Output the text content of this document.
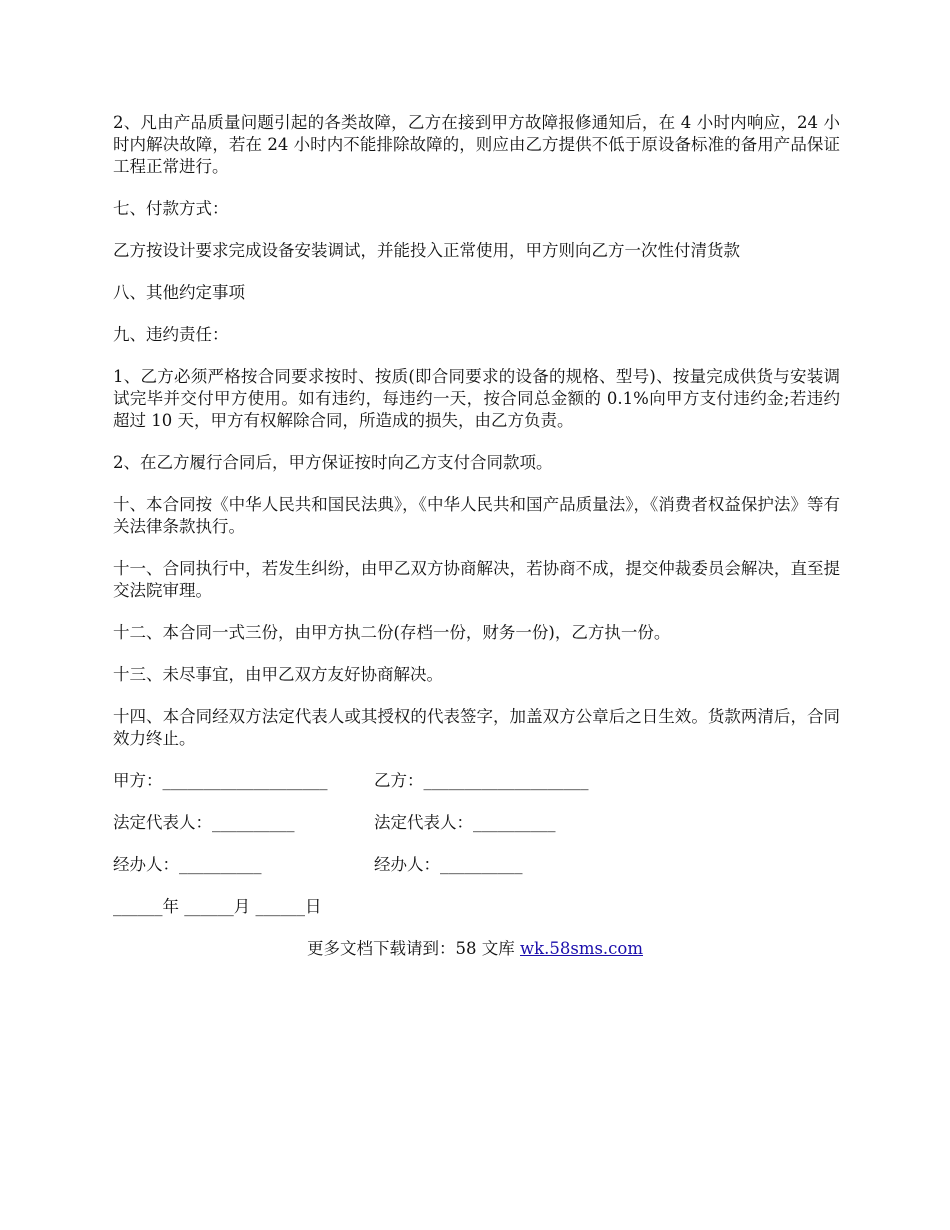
2、凡由产品质量问题引起的各类故障，乙方在接到甲方故障报修通知后，在 4 小时内响应，24 小时内解决故障，若在 24 小时内不能排除故障的，则应由乙方提供不低于原设备标准的备用产品保证工程正常进行。

七、付款方式：

乙方按设计要求完成设备安装调试，并能投入正常使用，甲方则向乙方一次性付清货款

八、其他约定事项

九、违约责任：

1、乙方必须严格按合同要求按时、按质(即合同要求的设备的规格、型号)、按量完成供货与安装调试完毕并交付甲方使用。如有违约，每违约一天，按合同总金额的 0.1%向甲方支付违约金;若违约超过 10 天，甲方有权解除合同，所造成的损失，由乙方负责。

2、在乙方履行合同后，甲方保证按时向乙方支付合同款项。

十、本合同按《中华人民共和国民法典》，《中华人民共和国产品质量法》，《消费者权益保护法》等有关法律条款执行。

十一、合同执行中，若发生纠纷，由甲乙双方协商解决，若协商不成，提交仲裁委员会解决，直至提交法院审理。

十二、本合同一式三份，由甲方执二份(存档一份，财务一份)，乙方执一份。

十三、未尽事宜，由甲乙双方友好协商解决。

十四、本合同经双方法定代表人或其授权的代表签字，加盖双方公章后之日生效。货款两清后，合同效力终止。

甲方：____________________	乙方：____________________
法定代表人：__________	法定代表人：__________
经办人：__________	经办人：__________
______年 ______月 ______日
更多文档下载请到：58 文库 wk.58sms.com
